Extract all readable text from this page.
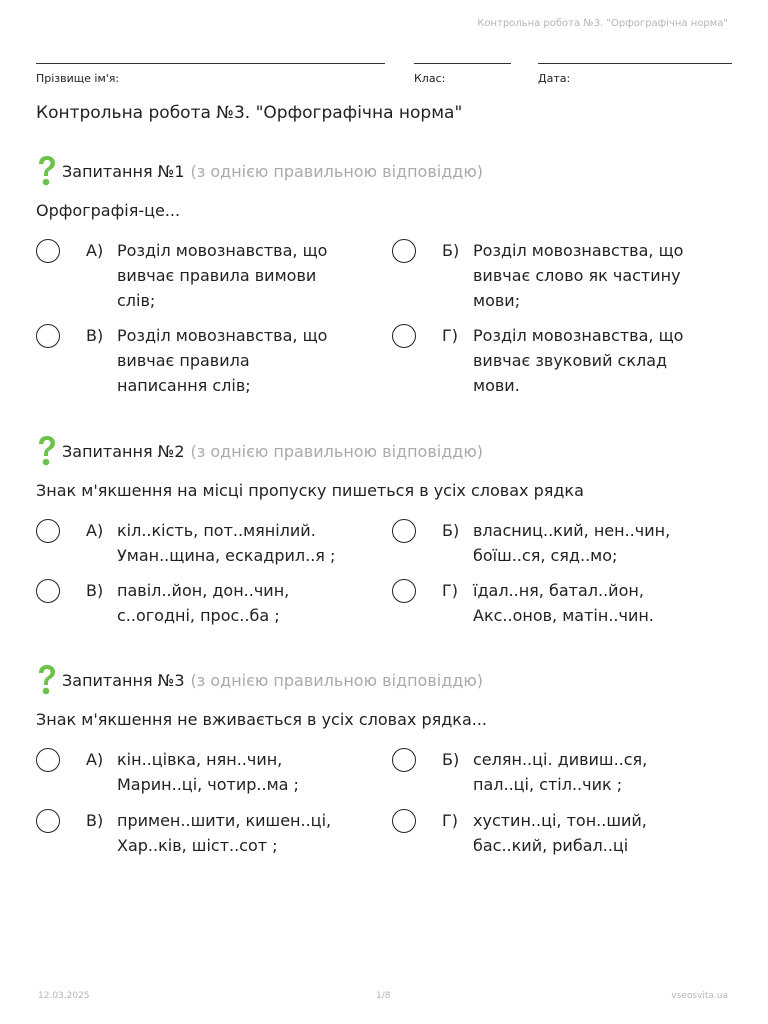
Контрольна робота №3. "Орфографічна норма"
Прізвище ім'я:	Клас:	Дата:
Контрольна робота №3. "Орфографічна норма"
Запитання №1 (з однією правильною відповіддю)
Орфографія-це...
А) Розділ мовознавства, що
вивчає правила вимови
слів;
Б) Розділ мовознавства, що
вивчає слово як частину
мови;
В) Розділ мовознавства, що
вивчає правила
написання слів;
Г) Розділ мовознавства, що
вивчає звуковий склад
мови.
Запитання №2 (з однією правильною відповіддю)
Знак м'якшення на місці пропуску пишеться в усіх словах рядка
А) кіл..кість, пот..мянілий.
Уман..щина, ескадрил..я ;
Б) власниц..кий, нен..чин,
боїш..ся, сяд..мо;
В) павіл..йон, дон..чин,
с..огодні, прос..ба ;
Г) їдал..ня, батал..йон,
Акс..онов, матін..чин.
Запитання №3 (з однією правильною відповіддю)
Знак м'якшення не вживається в усіх словах рядка...
А) кін..цівка, нян..чин,
Марин..ці, чотир..ма ;
Б) селян..ці. дивиш..ся,
пал..ці, стіл..чик ;
В) примен..шити, кишен..ці,
Хар..ків, шіст..сот ;
Г) хустин..ці, тон..ший,
бас..кий, рибал..ці
12.03.2025	1/8	vseosvita.ua
